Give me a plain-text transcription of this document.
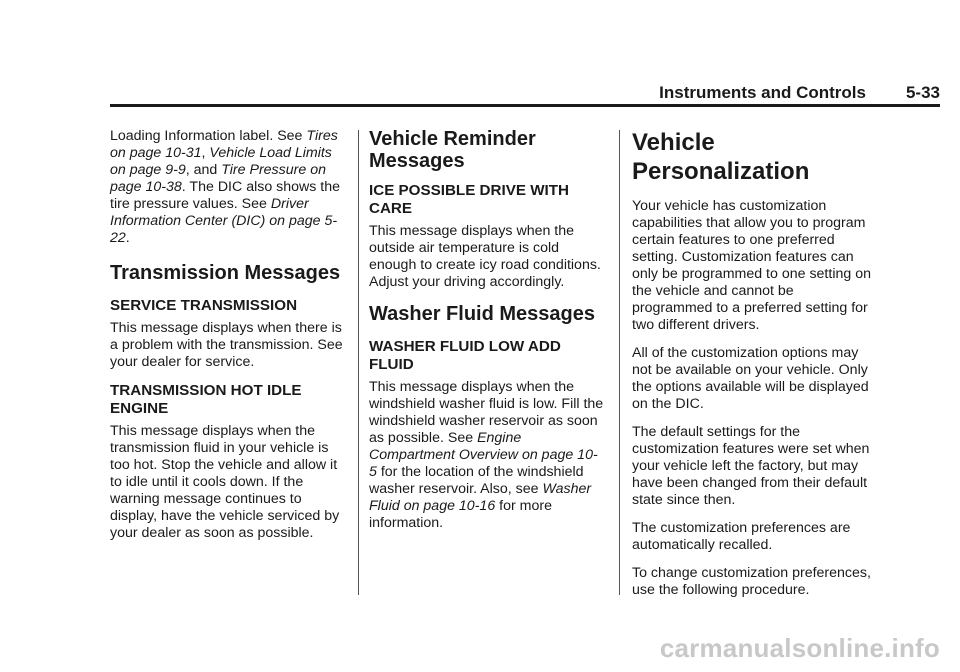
Instruments and Controls 5-33

Loading Information label. See Tires on page 10-31, Vehicle Load Limits on page 9-9, and Tire Pressure on page 10-38. The DIC also shows the tire pressure values. See Driver Information Center (DIC) on page 5-22.

Transmission Messages
SERVICE TRANSMISSION

This message displays when there is a problem with the transmission. See your dealer for service.

TRANSMISSION HOT IDLE ENGINE

This message displays when the transmission fluid in your vehicle is too hot. Stop the vehicle and allow it to idle until it cools down. If the warning message continues to display, have the vehicle serviced by your dealer as soon as possible.

Vehicle Reminder Messages
ICE POSSIBLE DRIVE WITH CARE

This message displays when the outside air temperature is cold enough to create icy road conditions. Adjust your driving accordingly.

Washer Fluid Messages
WASHER FLUID LOW ADD FLUID

This message displays when the windshield washer fluid is low. Fill the windshield washer reservoir as soon as possible. See Engine Compartment Overview on page 10-5 for the location of the windshield washer reservoir. Also, see Washer Fluid on page 10-16 for more information.

Vehicle Personalization

Your vehicle has customization capabilities that allow you to program certain features to one preferred setting. Customization features can only be programmed to one setting on the vehicle and cannot be programmed to a preferred setting for two different drivers.

All of the customization options may not be available on your vehicle. Only the options available will be displayed on the DIC.

The default settings for the customization features were set when your vehicle left the factory, but may have been changed from their default state since then.

The customization preferences are automatically recalled.

To change customization preferences, use the following procedure.

carmanualsonline.info
